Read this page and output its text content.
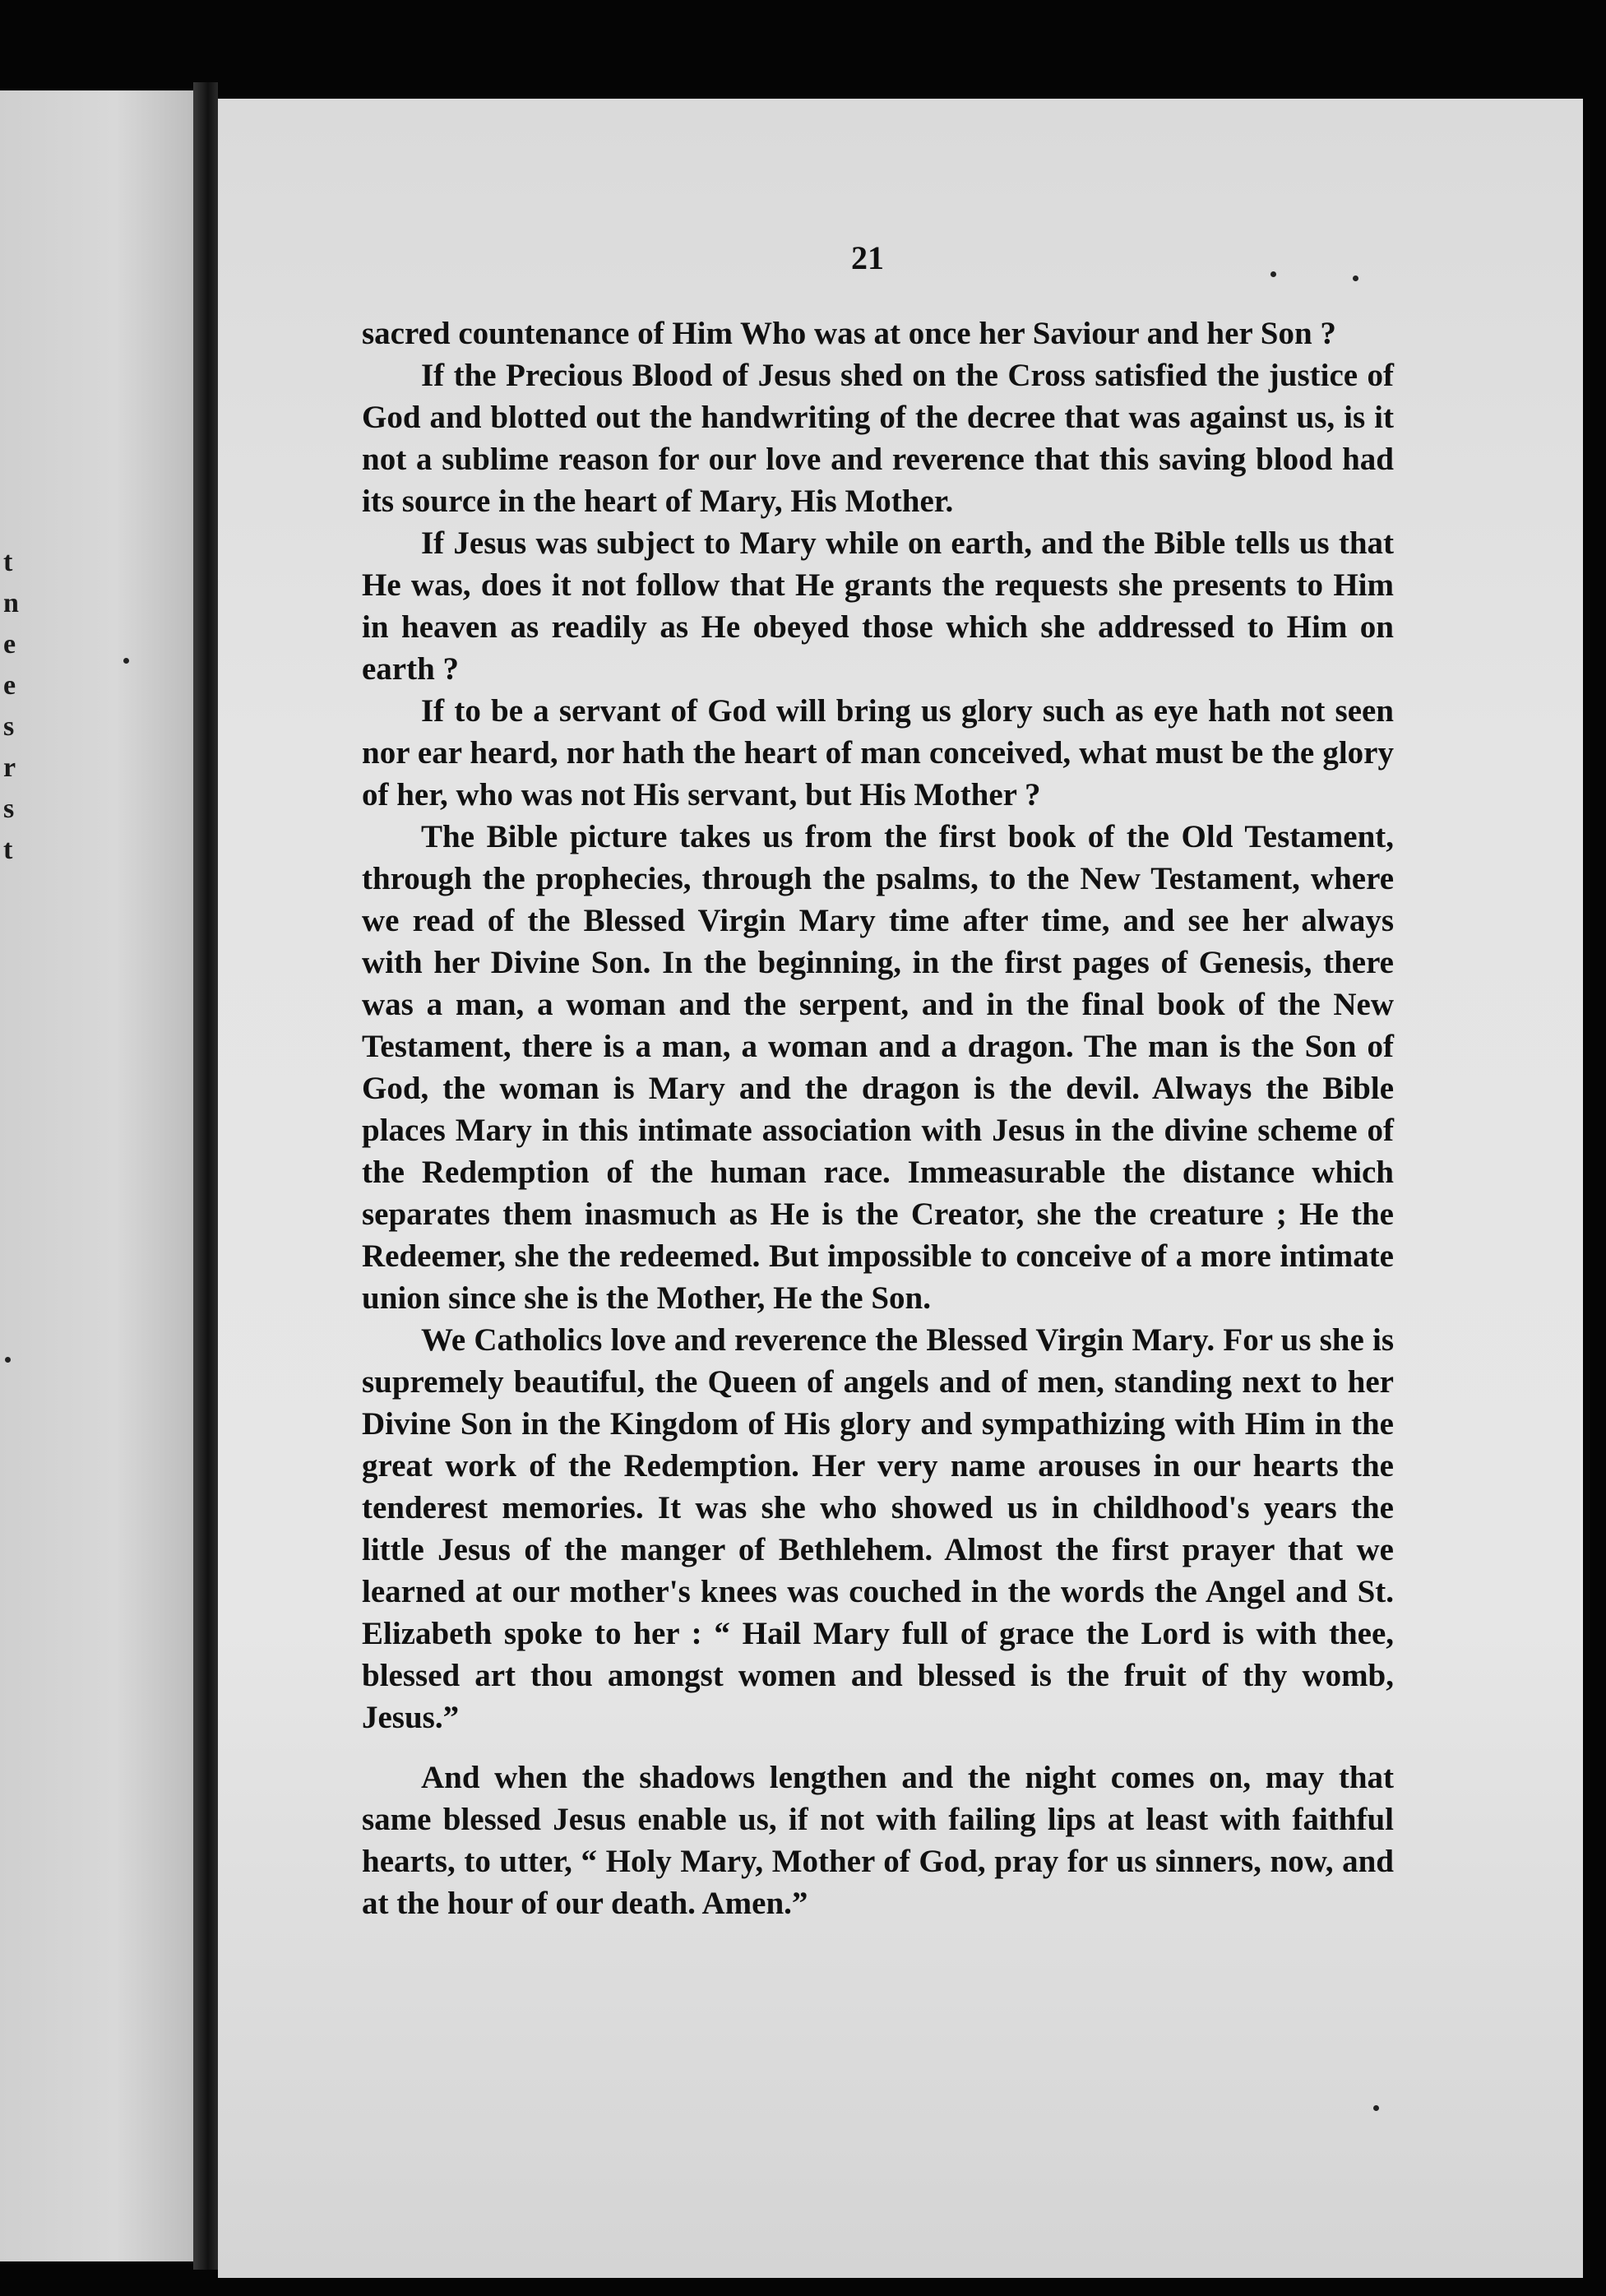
t
n
e
e
s
r
s
t
21

sacred countenance of Him Who was at once her Saviour and her Son ?

If the Precious Blood of Jesus shed on the Cross satisfied the justice of God and blotted out the handwriting of the decree that was against us, is it not a sublime reason for our love and reverence that this saving blood had its source in the heart of Mary, His Mother.

If Jesus was subject to Mary while on earth, and the Bible tells us that He was, does it not follow that He grants the requests she presents to Him in heaven as readily as He obeyed those which she addressed to Him on earth ?

If to be a servant of God will bring us glory such as eye hath not seen nor ear heard, nor hath the heart of man conceived, what must be the glory of her, who was not His servant, but His Mother ?

The Bible picture takes us from the first book of the Old Testament, through the prophecies, through the psalms, to the New Testament, where we read of the Blessed Virgin Mary time after time, and see her always with her Divine Son. In the beginning, in the first pages of Genesis, there was a man, a woman and the serpent, and in the final book of the New Testament, there is a man, a woman and a dragon. The man is the Son of God, the woman is Mary and the dragon is the devil. Always the Bible places Mary in this intimate association with Jesus in the divine scheme of the Redemption of the human race. Immeasurable the distance which separates them inasmuch as He is the Creator, she the creature ; He the Redeemer, she the redeemed. But impossible to conceive of a more intimate union since she is the Mother, He the Son.

We Catholics love and reverence the Blessed Virgin Mary. For us she is supremely beautiful, the Queen of angels and of men, standing next to her Divine Son in the Kingdom of His glory and sympathizing with Him in the great work of the Redemption. Her very name arouses in our hearts the tenderest memories. It was she who showed us in childhood's years the little Jesus of the manger of Bethlehem. Almost the first prayer that we learned at our mother's knees was couched in the words the Angel and St. Elizabeth spoke to her : “ Hail Mary full of grace the Lord is with thee, blessed art thou amongst women and blessed is the fruit of thy womb, Jesus.”

And when the shadows lengthen and the night comes on, may that same blessed Jesus enable us, if not with failing lips at least with faithful hearts, to utter, “ Holy Mary, Mother of God, pray for us sinners, now, and at the hour of our death. Amen.”
